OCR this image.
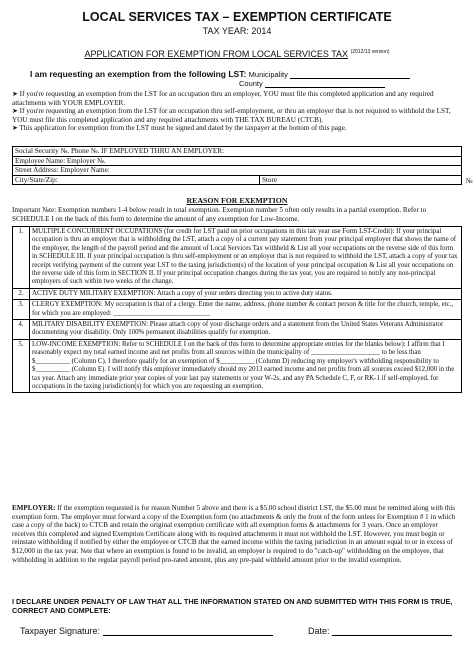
LOCAL SERVICES TAX – EXEMPTION CERTIFICATE
TAX YEAR: 2014
APPLICATION FOR EXEMPTION FROM LOCAL SERVICES TAX $^{(2012/13 version)}$
I am requesting an exemption from the following LST: Municipality
County

➤ If you're requesting an exemption from the LST for an occupation thru an employer, YOU must file this completed application and any required attachments with YOUR EMPLOYER.

➤ If you're requesting an exemption from the LST for an occupation thru self-employment, or thru an employer that is not required to withhold the LST, YOU must file this completed application and any required attachments with THE TAX BUREAU (CTCB).

➤ This application for exemption from the LST must be signed and dated by the taxpayer at the bottom of this page.

Social Security №. Phone №. IF EMPLOYED THRU AN EMPLOYER:
Employee Name: Employer №.
Street Address: Employer Name:
City/State/Zip:	Store	№
REASON FOR EXEMPTION
Important №te: Exemption numbers 1-4 below result in total exemption. Exemption number 5 often only results in a partial exemption. Refer to SCHEDULE I on the back of this form to determine the amount of any exemption for Low-Income.
1.	MULTIPLE CONCURRENT OCCUPATIONS (for credit for LST paid on prior occupations in this tax year use Form LST-Credit): If your principal occupation is thru an employer that is withholding the LST, attach a copy of a current pay statement from your principal employer that shows the name of the employer, the length of the payroll period and the amount of Local Services Tax withheld & List all your occupations on the reverse side of this form in SCHEDULE III. If your principal occupation is thru self-employment or an employer that is not required to withhold the LST, attach a copy of your tax receipt verifying payment of the current year LST to the taxing jurisdiction(s) of the location of your principal occupation & List all your occupations on the reverse side of this form in SECTION II. If your principal occupation changes during the tax year, you are required to notify any non-principal employers of such within two weeks of the change.
2.	ACTIVE DUTY MILITARY EXEMPTION: Attach a copy of your orders directing you to active duty status.
3.	CLERGY EXEMPTION: My occupation is that of a clergy. Enter the name, address, phone number & contact person & title for the church, temple, etc., for which you are employed: ____________________________
4.	MILITARY DISABILITY EXEMPTION: Please attach copy of your discharge orders and a statement from the United States Veterans Administrator documenting your disability. Only 100% permanent disabilities qualify for exemption.
5.	LOW-INCOME EXEMPTION: Refer to SCHEDULE I on the back of this form to determine appropriate entries for the blanks below): I affirm that I reasonably expect my total earned income and net profits from all sources within the municipality of ____________________ to be less than $__________ (Column C). I therefore qualify for an exemption of $__________ (Column D) reducing my employer's withholding responsibility to $__________ (Column E). I will notify this employer immediately should my 2013 earned income and net profits from all sources exceed $12,000 in the tax year. Attach any immediate prior year copies of your last pay statements or your W-2s, and any PA Schedule C, F, or RK-1 if self-employed, for occupations in the taxing jurisdiction(s) for which you are requesting an exemption.
EMPLOYER: If the exemption requested is for reason Number 5 above and there is a $5.00 school district LST, the $5.00 must be remitted along with this exemption form. The employer must forward a copy of the Exemption form (no attachments & only the front of the form unless for Exemption # 1 in which case a copy of the back) to CTCB and retain the original exemption certificate with all exemption forms & attachments for 3 years. Once an employer receives this completed and signed Exemption Certificate along with its required attachments it must not withhold the LST. However, you must begin or reinstate withholding if notified by either the employee or CTCB that the earned income within the taxing jurisdiction in an amount equal to or in excess of $12,000 in the tax year. №te that where an exemption is found to be invalid, an employer is required to do "catch-up" withholding on the employee, that withholding in addition to the regular payroll period pro-rated amount, plus any pre-paid withheld amount prior to the invalid exemption.
I DECLARE UNDER PENALTY OF LAW THAT ALL THE INFORMATION STATED ON AND SUBMITTED WITH THIS FORM IS TRUE, CORRECT AND COMPLETE:
Taxpayer Signature:	Date:
